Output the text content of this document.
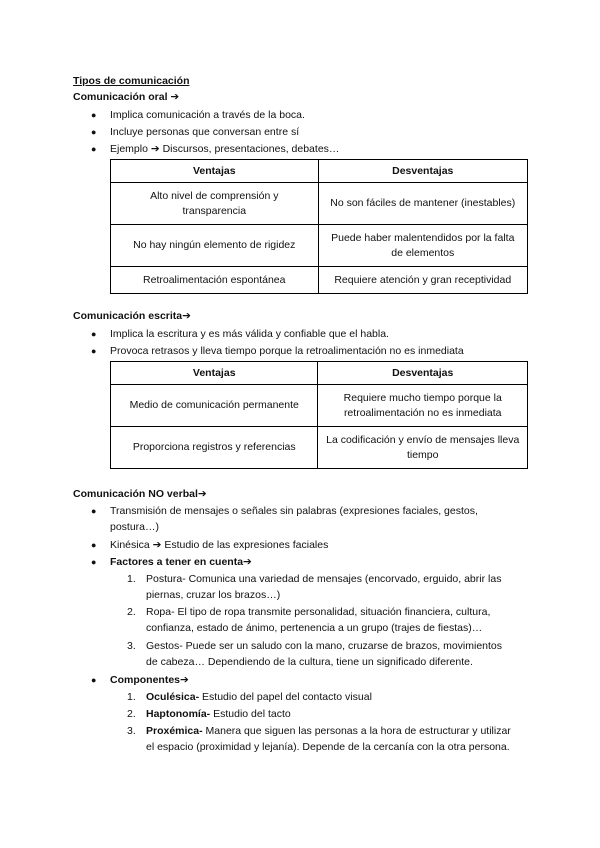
Tipos de comunicación
Comunicación oral ➔
● Implica comunicación a través de la boca.
● Incluye personas que conversan entre sí
● Ejemplo ➔ Discursos, presentaciones, debates…
Ventajas	Desventajas
Alto nivel de comprensión y transparencia	No son fáciles de mantener (inestables)
No hay ningún elemento de rigidez	Puede haber malentendidos por la falta de elementos
Retroalimentación espontánea	Requiere atención y gran receptividad
Comunicación escrita➔
● Implica la escritura y es más válida y confiable que el habla.
● Provoca retrasos y lleva tiempo porque la retroalimentación no es inmediata
Ventajas	Desventajas
Medio de comunicación permanente	Requiere mucho tiempo porque la retroalimentación no es inmediata
Proporciona registros y referencias	La codificación y envío de mensajes lleva tiempo
Comunicación NO verbal➔
● Transmisión de mensajes o señales sin palabras (expresiones faciales, gestos,
postura…)
● Kinésica ➔ Estudio de las expresiones faciales
● Factores a tener en cuenta➔
1. Postura- Comunica una variedad de mensajes (encorvado, erguido, abrir las
piernas, cruzar los brazos…)
2. Ropa- El tipo de ropa transmite personalidad, situación financiera, cultura,
confianza, estado de ánimo, pertenencia a un grupo (trajes de fiestas)…
3. Gestos- Puede ser un saludo con la mano, cruzarse de brazos, movimientos
de cabeza… Dependiendo de la cultura, tiene un significado diferente.
● Componentes➔
1. Oculésica- Estudio del papel del contacto visual
2. Haptonomía- Estudio del tacto
3. Proxémica- Manera que siguen las personas a la hora de estructurar y utilizar
el espacio (proximidad y lejanía). Depende de la cercanía con la otra persona.
